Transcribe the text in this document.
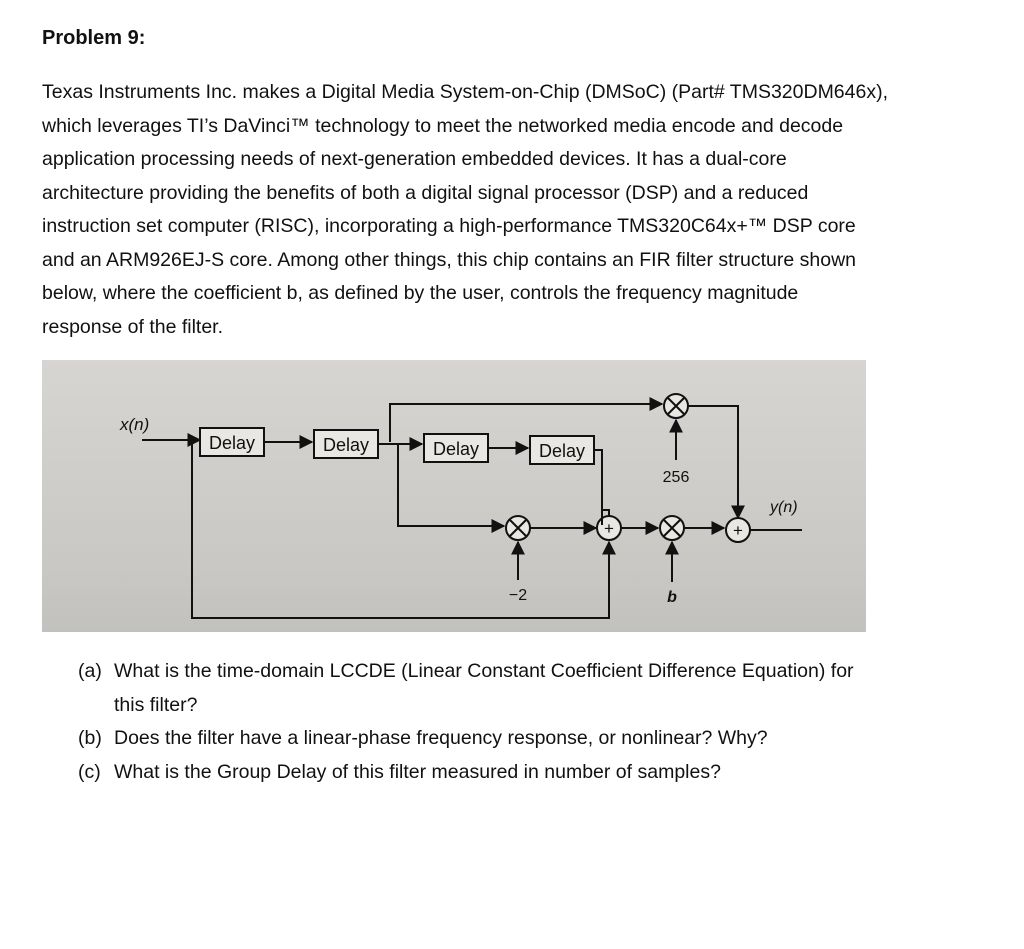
Problem 9:

Texas Instruments Inc. makes a Digital Media System-on-Chip (DMSoC) (Part# TMS320DM646x),
which leverages TI’s DaVinci™ technology to meet the networked media encode and decode
application processing needs of next-generation embedded devices. It has a dual-core
architecture providing the benefits of both a digital signal processor (DSP) and a reduced
instruction set computer (RISC), incorporating a high-performance TMS320C64x+™ DSP core
and an ARM926EJ-S core. Among other things, this chip contains an FIR filter structure shown
below, where the coefficient b, as defined by the user, controls the frequency magnitude
response of the filter.

x(n)
Delay	Delay	Delay	Delay
256
−2
+
b
+
y(n)
(a) What is the time-domain LCCDE (Linear Constant Coefficient Difference Equation) for
this filter?
(b) Does the filter have a linear-phase frequency response, or nonlinear? Why?
(c) What is the Group Delay of this filter measured in number of samples?
